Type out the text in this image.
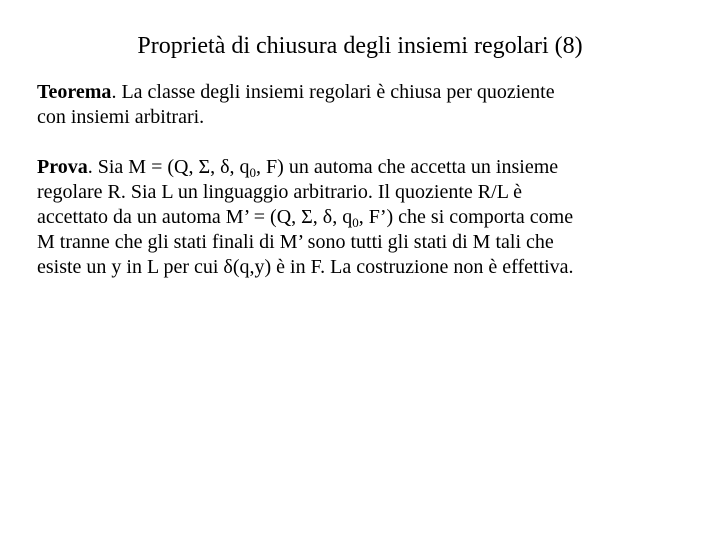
Proprietà di chiusura degli insiemi regolari (8)

Teorema. La classe degli insiemi regolari è chiusa per quoziente
con insiemi arbitrari.

Prova. Sia M = (Q, Σ, δ, $q_0$, F) un automa che accetta un insieme
regolare R. Sia L un linguaggio arbitrario. Il quoziente R/L è
accettato da un automa M’ = (Q, Σ, δ, $q_0$, F’) che si comporta come
M tranne che gli stati finali di M’ sono tutti gli stati di M tali che
esiste un y in L per cui δ(q,y) è in F. La costruzione non è effettiva.
